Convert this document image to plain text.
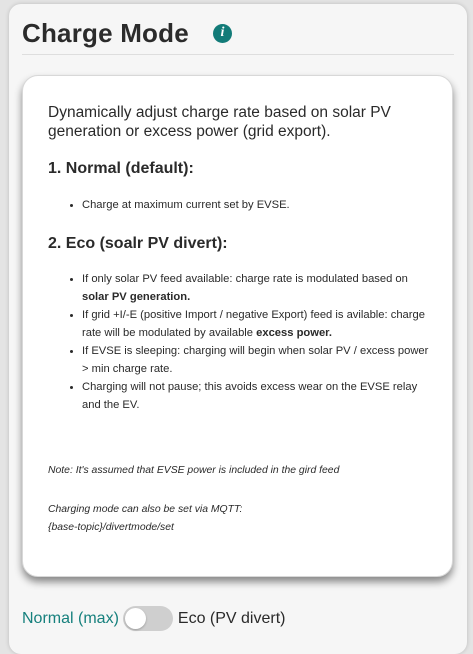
Charge Mode	i
Dynamically adjust charge rate based on solar PV generation or excess power (grid export).
1. Normal (default):
• Charge at maximum current set by EVSE.
2. Eco (soalr PV divert):
• If only solar PV feed available: charge rate is modulated based on solar PV generation.
• If grid +I/-E (positive Import / negative Export) feed is avilable: charge rate will be modulated by available excess power.
• If EVSE is sleeping: charging will begin when solar PV / excess power > min charge rate.
• Charging will not pause; this avoids excess wear on the EVSE relay and the EV.
Note: It's assumed that EVSE power is included in the gird feed
Charging mode can also be set via MQTT:
{base-topic}/divertmode/set
Normal (max)	Eco (PV divert)
